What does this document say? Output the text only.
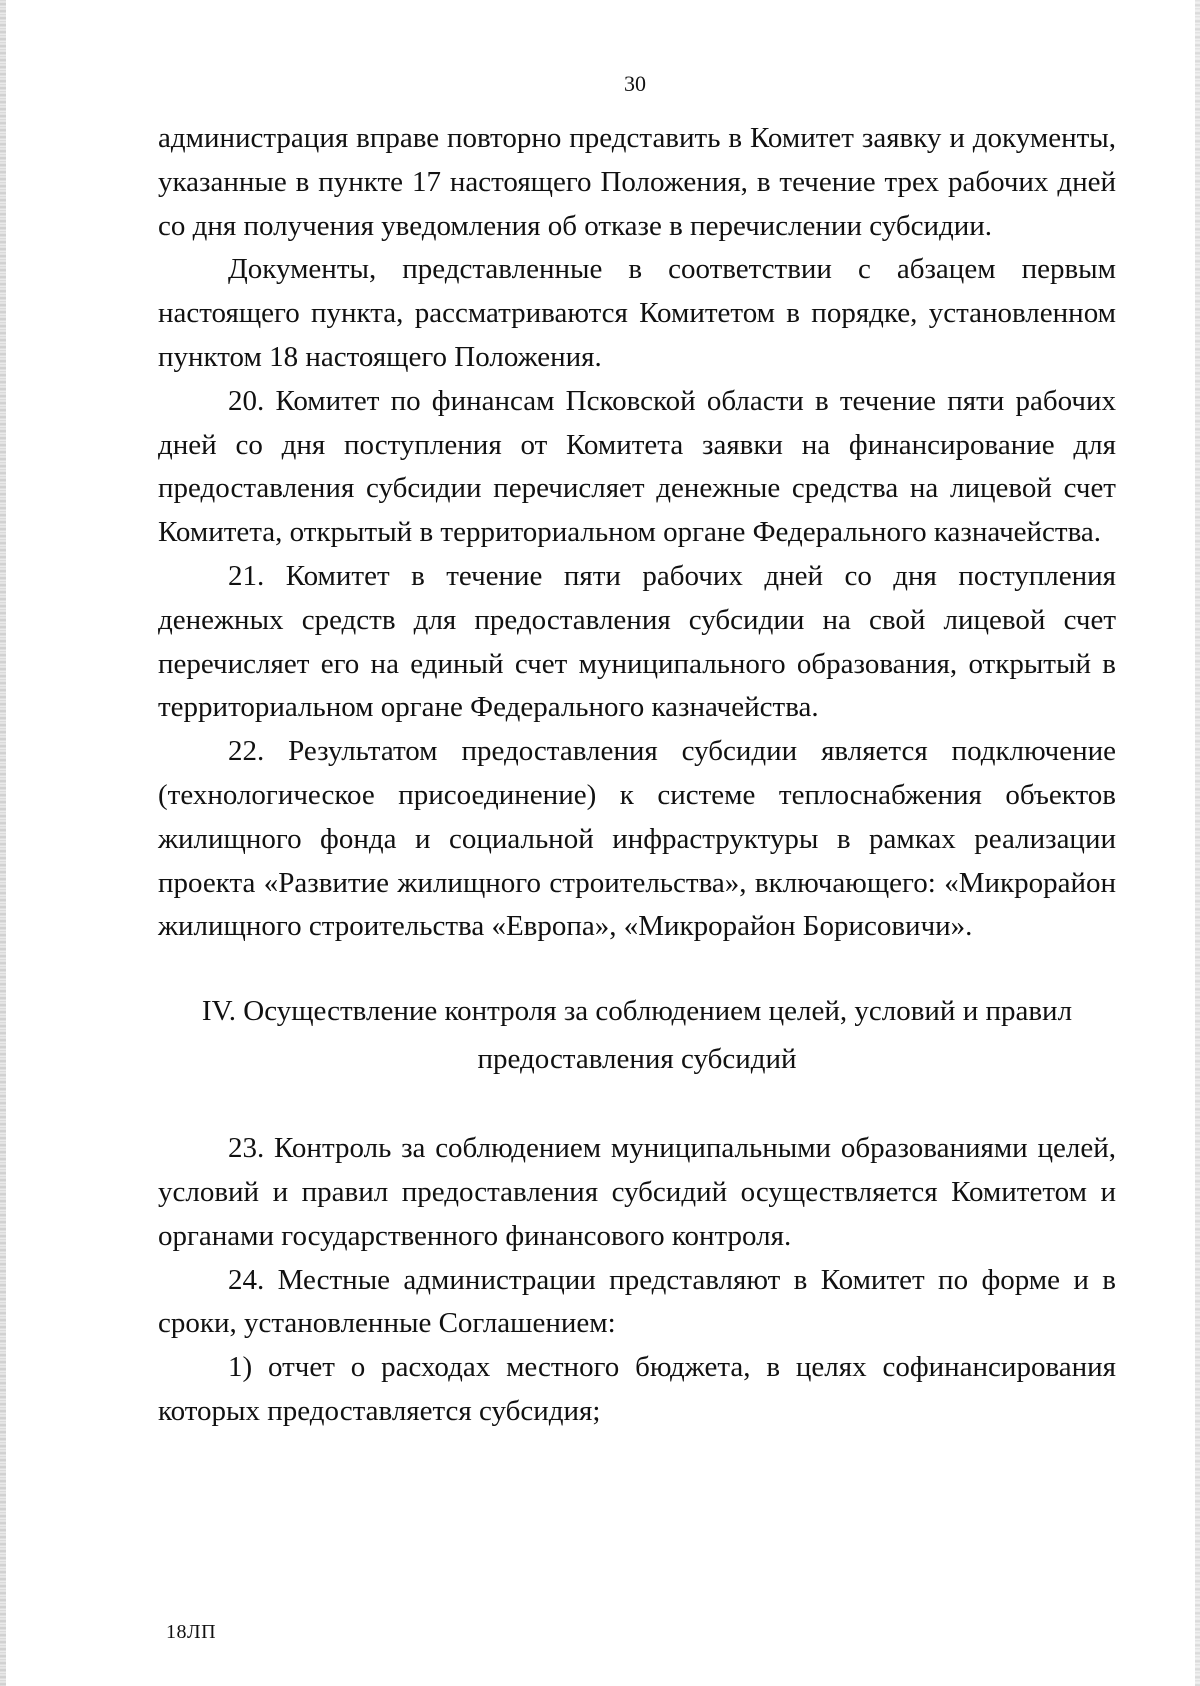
30

администрация вправе повторно представить в Комитет заявку и документы, указанные в пункте 17 настоящего Положения, в течение трех рабочих дней со дня получения уведомления об отказе в перечислении субсидии.

Документы, представленные в соответствии с абзацем первым настоящего пункта, рассматриваются Комитетом в порядке, установленном пунктом 18 настоящего Положения.

20. Комитет по финансам Псковской области в течение пяти рабочих дней со дня поступления от Комитета заявки на финансирование для предоставления субсидии перечисляет денежные средства на лицевой счет Комитета, открытый в территориальном органе Федерального казначейства.

21. Комитет в течение пяти рабочих дней со дня поступления денежных средств для предоставления субсидии на свой лицевой счет перечисляет его на единый счет муниципального образования, открытый в территориальном органе Федерального казначейства.

22. Результатом предоставления субсидии является подключение (технологическое присоединение) к системе теплоснабжения объектов жилищного фонда и социальной инфраструктуры в рамках реализации проекта «Развитие жилищного строительства», включающего: «Микрорайон жилищного строительства «Европа», «Микрорайон Борисовичи».

IV. Осуществление контроля за соблюдением целей, условий и правил
предоставления субсидий

23. Контроль за соблюдением муниципальными образованиями целей, условий и правил предоставления субсидий осуществляется Комитетом и органами государственного финансового контроля.

24. Местные администрации представляют в Комитет по форме и в сроки, установленные Соглашением:

1) отчет о расходах местного бюджета, в целях софинансирования которых предоставляется субсидия;

18ЛП
